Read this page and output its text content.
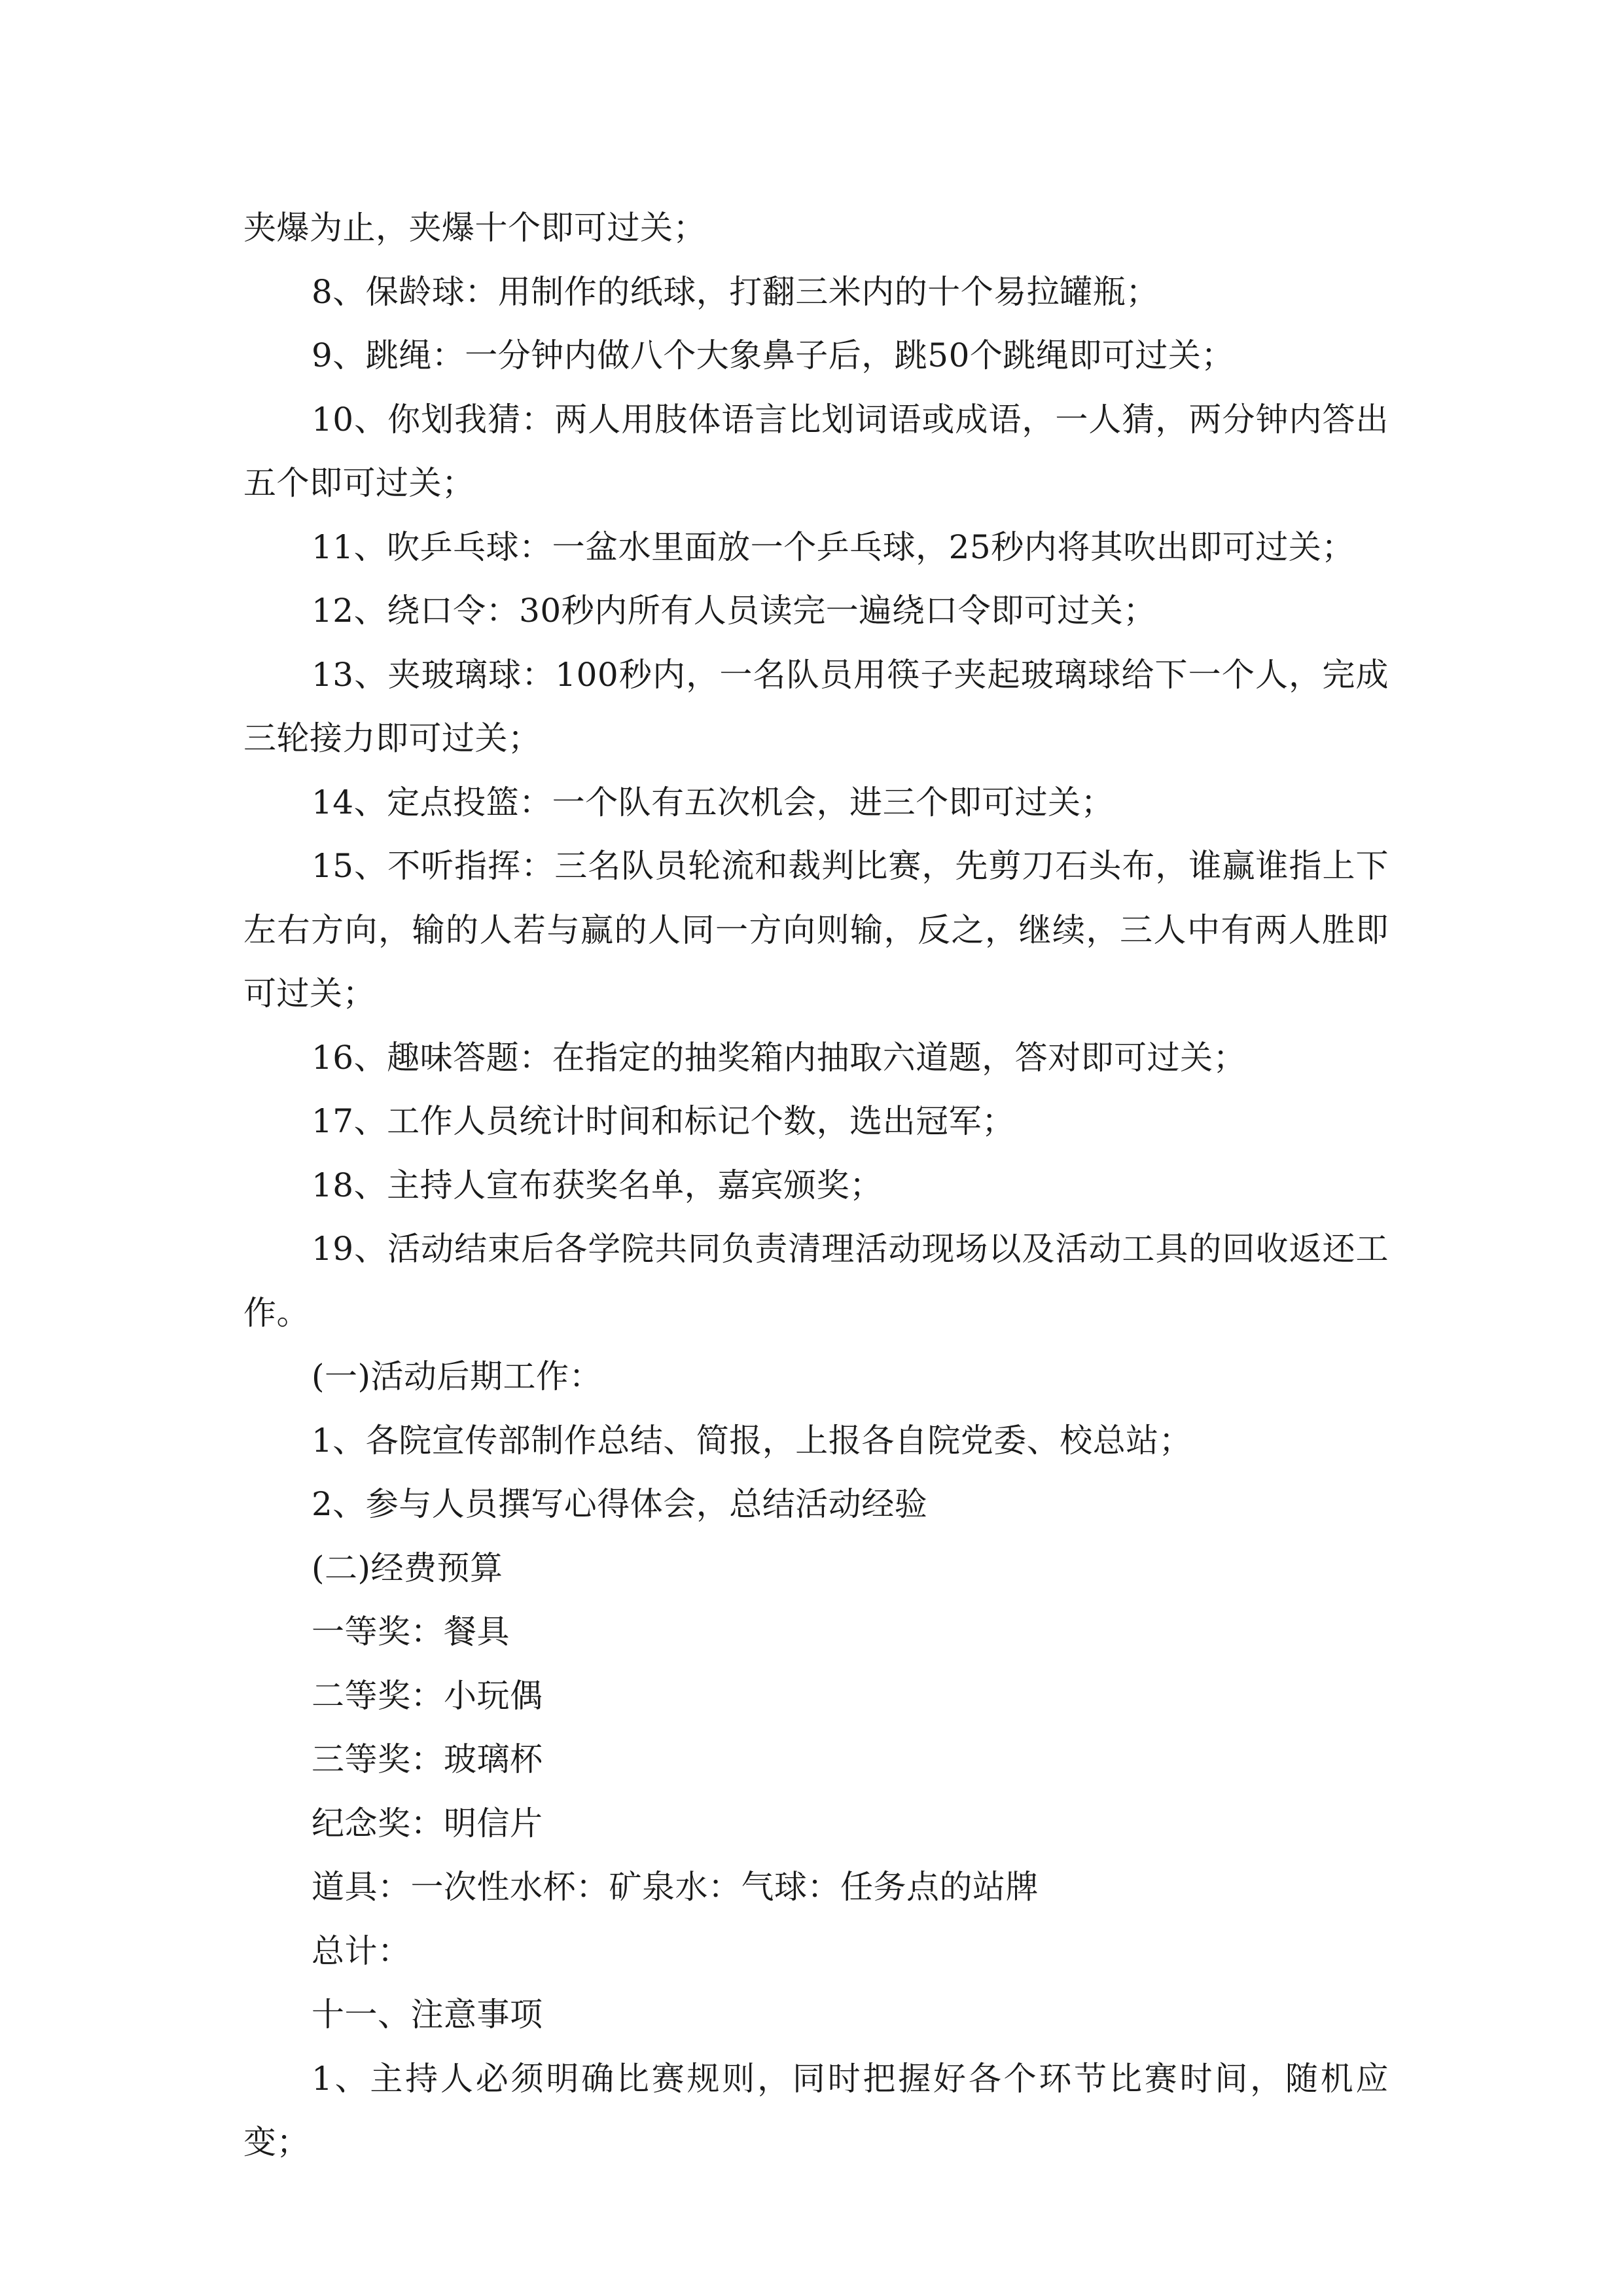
夹爆为止，夹爆十个即可过关；

8、保龄球：用制作的纸球，打翻三米内的十个易拉罐瓶；

9、跳绳：一分钟内做八个大象鼻子后，跳50个跳绳即可过关；

10、你划我猜：两人用肢体语言比划词语或成语，一人猜，两分钟内答出五个即可过关；

11、吹乒乓球：一盆水里面放一个乒乓球，25秒内将其吹出即可过关；

12、绕口令：30秒内所有人员读完一遍绕口令即可过关；

13、夹玻璃球：100秒内，一名队员用筷子夹起玻璃球给下一个人，完成三轮接力即可过关；

14、定点投篮：一个队有五次机会，进三个即可过关；

15、不听指挥：三名队员轮流和裁判比赛，先剪刀石头布，谁赢谁指上下左右方向，输的人若与赢的人同一方向则输，反之，继续，三人中有两人胜即可过关；

16、趣味答题：在指定的抽奖箱内抽取六道题，答对即可过关；

17、工作人员统计时间和标记个数，选出冠军；

18、主持人宣布获奖名单，嘉宾颁奖；

19、活动结束后各学院共同负责清理活动现场以及活动工具的回收返还工作。

(一)活动后期工作：

1、各院宣传部制作总结、简报，上报各自院党委、校总站；

2、参与人员撰写心得体会，总结活动经验

(二)经费预算

一等奖：餐具

二等奖：小玩偶

三等奖：玻璃杯

纪念奖：明信片

道具：一次性水杯：矿泉水：气球：任务点的站牌

总计：

十一、注意事项

1、主持人必须明确比赛规则，同时把握好各个环节比赛时间，随机应变；
